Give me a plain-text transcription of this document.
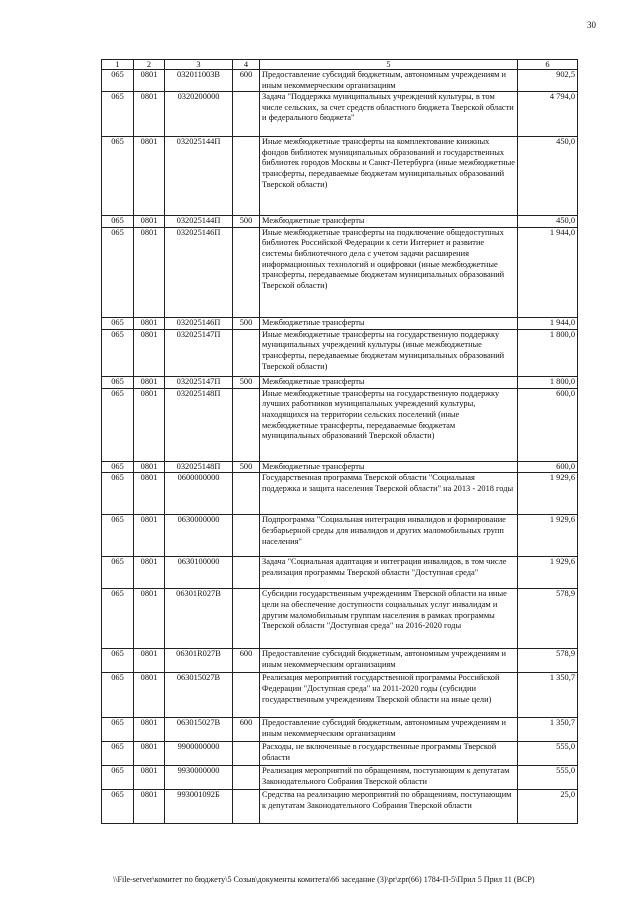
30
1	2	3	4	5	6
065	0801	032011003В	600	Предоставление субсидий бюджетным, автономным учреждениям и иным некоммерческим организациям	902,5
065	0801	0320200000		Задача "Поддержка муниципальных учреждений культуры, в том числе сельских, за счет средств областного бюджета Тверской области и федерального бюджета"	4 794,0
065	0801	032025144П		Иные межбюджетные трансферты на комплектование книжных фондов библиотек муниципальных образований и государственных библиотек городов Москвы и Санкт-Петербурга (иные межбюджетные трансферты, передаваемые бюджетам муниципальных образований Тверской области)	450,0
065	0801	032025144П	500	Межбюджетные трансферты	450,0
065	0801	032025146П		Иные межбюджетные трансферты на подключение общедоступных библиотек Российской Федерации к сети Интернет и развитие системы библиотечного дела с учетом задачи расширения информационных технологий и оцифровки (иные межбюджетные трансферты, передаваемые бюджетам муниципальных образований Тверской области)	1 944,0
065	0801	032025146П	500	Межбюджетные трансферты	1 944,0
065	0801	032025147П		Иные межбюджетные трансферты на государственную поддержку муниципальных учреждений культуры (иные межбюджетные трансферты, передаваемые бюджетам муниципальных образований Тверской области)	1 800,0
065	0801	032025147П	500	Межбюджетные трансферты	1 800,0
065	0801	032025148П		Иные межбюджетные трансферты на государственную поддержку лучших работников муниципальных учреждений культуры, находящихся на территории сельских поселений (иные межбюджетные трансферты, передаваемые бюджетам муниципальных образований Тверской области)	600,0
065	0801	032025148П	500	Межбюджетные трансферты	600,0
065	0801	0600000000		Государственная программа Тверской области "Социальная поддержка и защита населения Тверской области" на 2013 - 2018 годы	1 929,6
065	0801	0630000000		Подпрограмма "Социальная интеграция инвалидов и формирование безбарьерной среды для инвалидов и других маломобильных групп населения"	1 929,6
065	0801	0630100000		Задача "Социальная адаптация и интеграция инвалидов, в том числе реализация программы Тверской области "Доступная среда"	1 929,6
065	0801	06301R027В		Субсидии государственным учреждениям Тверской области на иные цели на обеспечение доступности социальных услуг инвалидам и другим маломобильным группам населения в рамках программы Тверской области "Доступная среда" на 2016-2020 годы	578,9
065	0801	06301R027В	600	Предоставление субсидий бюджетным, автономным учреждениям и иным некоммерческим организациям	578,9
065	0801	063015027В		Реализация мероприятий государственной программы Российской Федерации "Доступная среда" на 2011-2020 годы (субсидии государственным учреждениям Тверской области на иные цели)	1 350,7
065	0801	063015027В	600	Предоставление субсидий бюджетным, автономным учреждениям и иным некоммерческим организациям	1 350,7
065	0801	9900000000		Расходы, не включенные в государственные программы Тверской области	555,0
065	0801	9930000000		Реализация мероприятий по обращениям, поступающим к депутатам Законодательного Собрания Тверской области	555,0
065	0801	993001092Б		Средства на реализацию мероприятий по обращениям, поступающим к депутатам Законодательного Собрания Тверской области	25,0
\\File-server\комитет по бюджету\5 Созыв\документы комитета\66 заседание (3)\pr\zpr(66) 1784-П-5\Прил 5 Прил 11 (ВСР)
